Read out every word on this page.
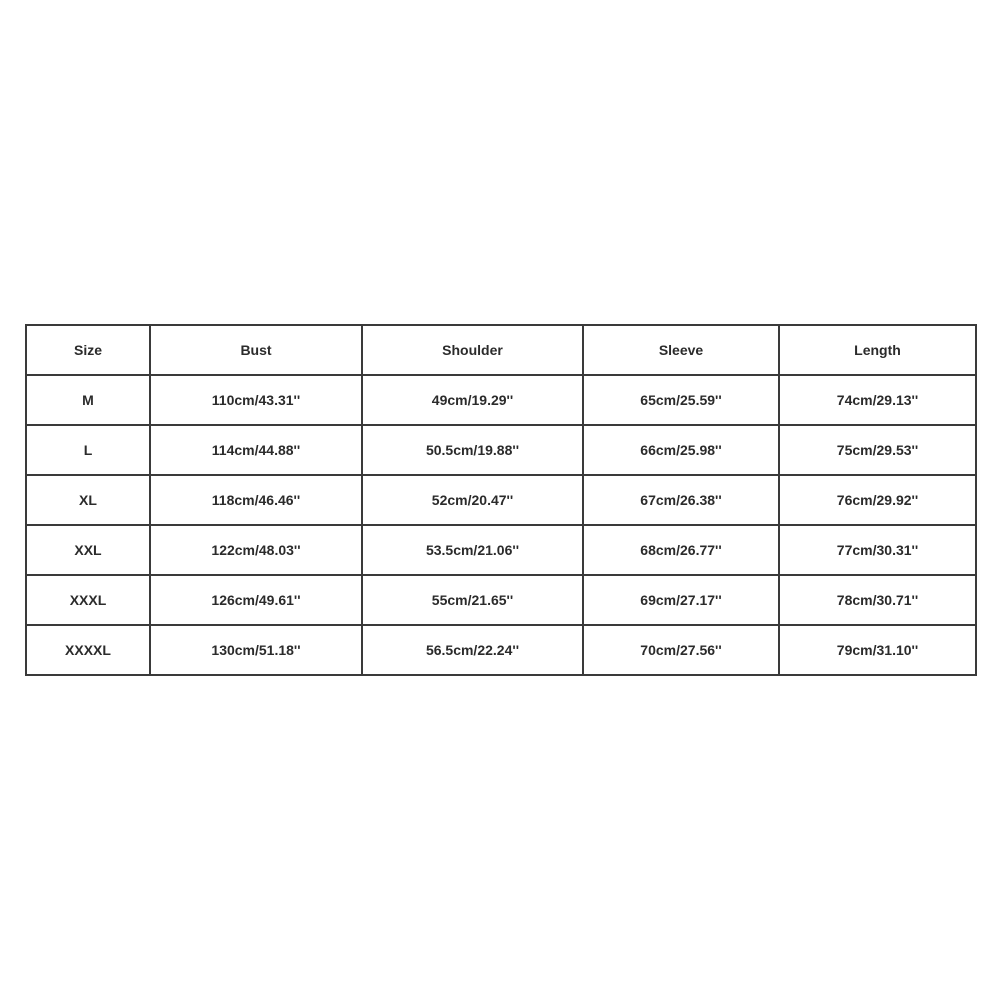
Size	Bust	Shoulder	Sleeve	Length
M	110cm/43.31''	49cm/19.29''	65cm/25.59''	74cm/29.13''
L	114cm/44.88''	50.5cm/19.88''	66cm/25.98''	75cm/29.53''
XL	118cm/46.46''	52cm/20.47''	67cm/26.38''	76cm/29.92''
XXL	122cm/48.03''	53.5cm/21.06''	68cm/26.77''	77cm/30.31''
XXXL	126cm/49.61''	55cm/21.65''	69cm/27.17''	78cm/30.71''
XXXXL	130cm/51.18''	56.5cm/22.24''	70cm/27.56''	79cm/31.10''
